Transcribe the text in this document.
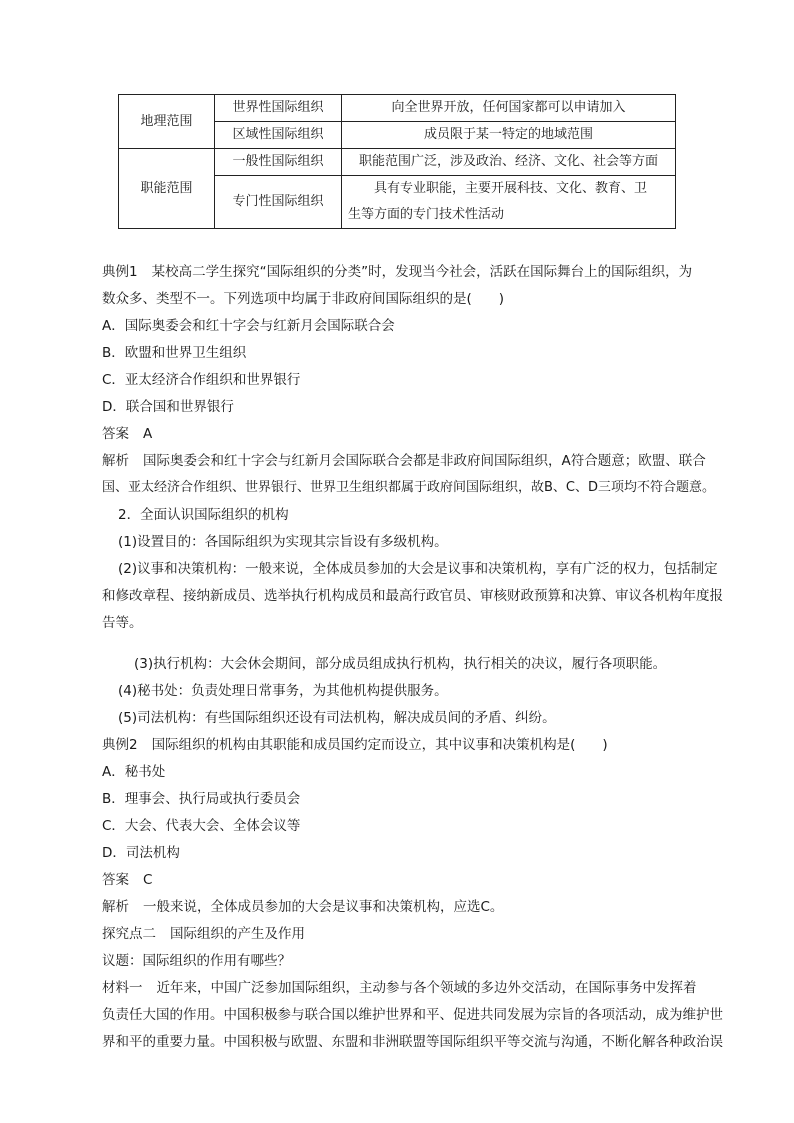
地理范围	世界性国际组织	向全世界开放，任何国家都可以申请加入
	区域性国际组织	成员限于某一特定的地域范围
职能范围	一般性国际组织	职能范围广泛，涉及政治、经济、文化、社会等方面
	专门性国际组织	具有专业职能，主要开展科技、文化、教育、卫
生等方面的专门技术性活动
典例1 某校高二学生探究“国际组织的分类”时，发现当今社会，活跃在国际舞台上的国际组织，为
数众多、类型不一。下列选项中均属于非政府间国际组织的是(　　)
A．国际奥委会和红十字会与红新月会国际联合会
B．欧盟和世界卫生组织
C．亚太经济合作组织和世界银行
D．联合国和世界银行
答案 A
解析 国际奥委会和红十字会与红新月会国际联合会都是非政府间国际组织，A符合题意；欧盟、联合
国、亚太经济合作组织、世界银行、世界卫生组织都属于政府间国际组织，故B、C、D三项均不符合题意。
2．全面认识国际组织的机构
(1)设置目的：各国际组织为实现其宗旨设有多级机构。
(2)议事和决策机构：一般来说，全体成员参加的大会是议事和决策机构，享有广泛的权力，包括制定
和修改章程、接纳新成员、选举执行机构成员和最高行政官员、审核财政预算和决算、审议各机构年度报
告等。
(3)执行机构：大会休会期间，部分成员组成执行机构，执行相关的决议，履行各项职能。
(4)秘书处：负责处理日常事务，为其他机构提供服务。
(5)司法机构：有些国际组织还设有司法机构，解决成员间的矛盾、纠纷。
典例2 国际组织的机构由其职能和成员国约定而设立，其中议事和决策机构是(　　)
A．秘书处
B．理事会、执行局或执行委员会
C．大会、代表大会、全体会议等
D．司法机构
答案 C
解析 一般来说，全体成员参加的大会是议事和决策机构，应选C。
探究点二 国际组织的产生及作用
议题：国际组织的作用有哪些？
材料一 近年来，中国广泛参加国际组织，主动参与各个领域的多边外交活动，在国际事务中发挥着
负责任大国的作用。中国积极参与联合国以维护世界和平、促进共同发展为宗旨的各项活动，成为维护世
界和平的重要力量。中国积极与欧盟、东盟和非洲联盟等国际组织平等交流与沟通，不断化解各种政治误
